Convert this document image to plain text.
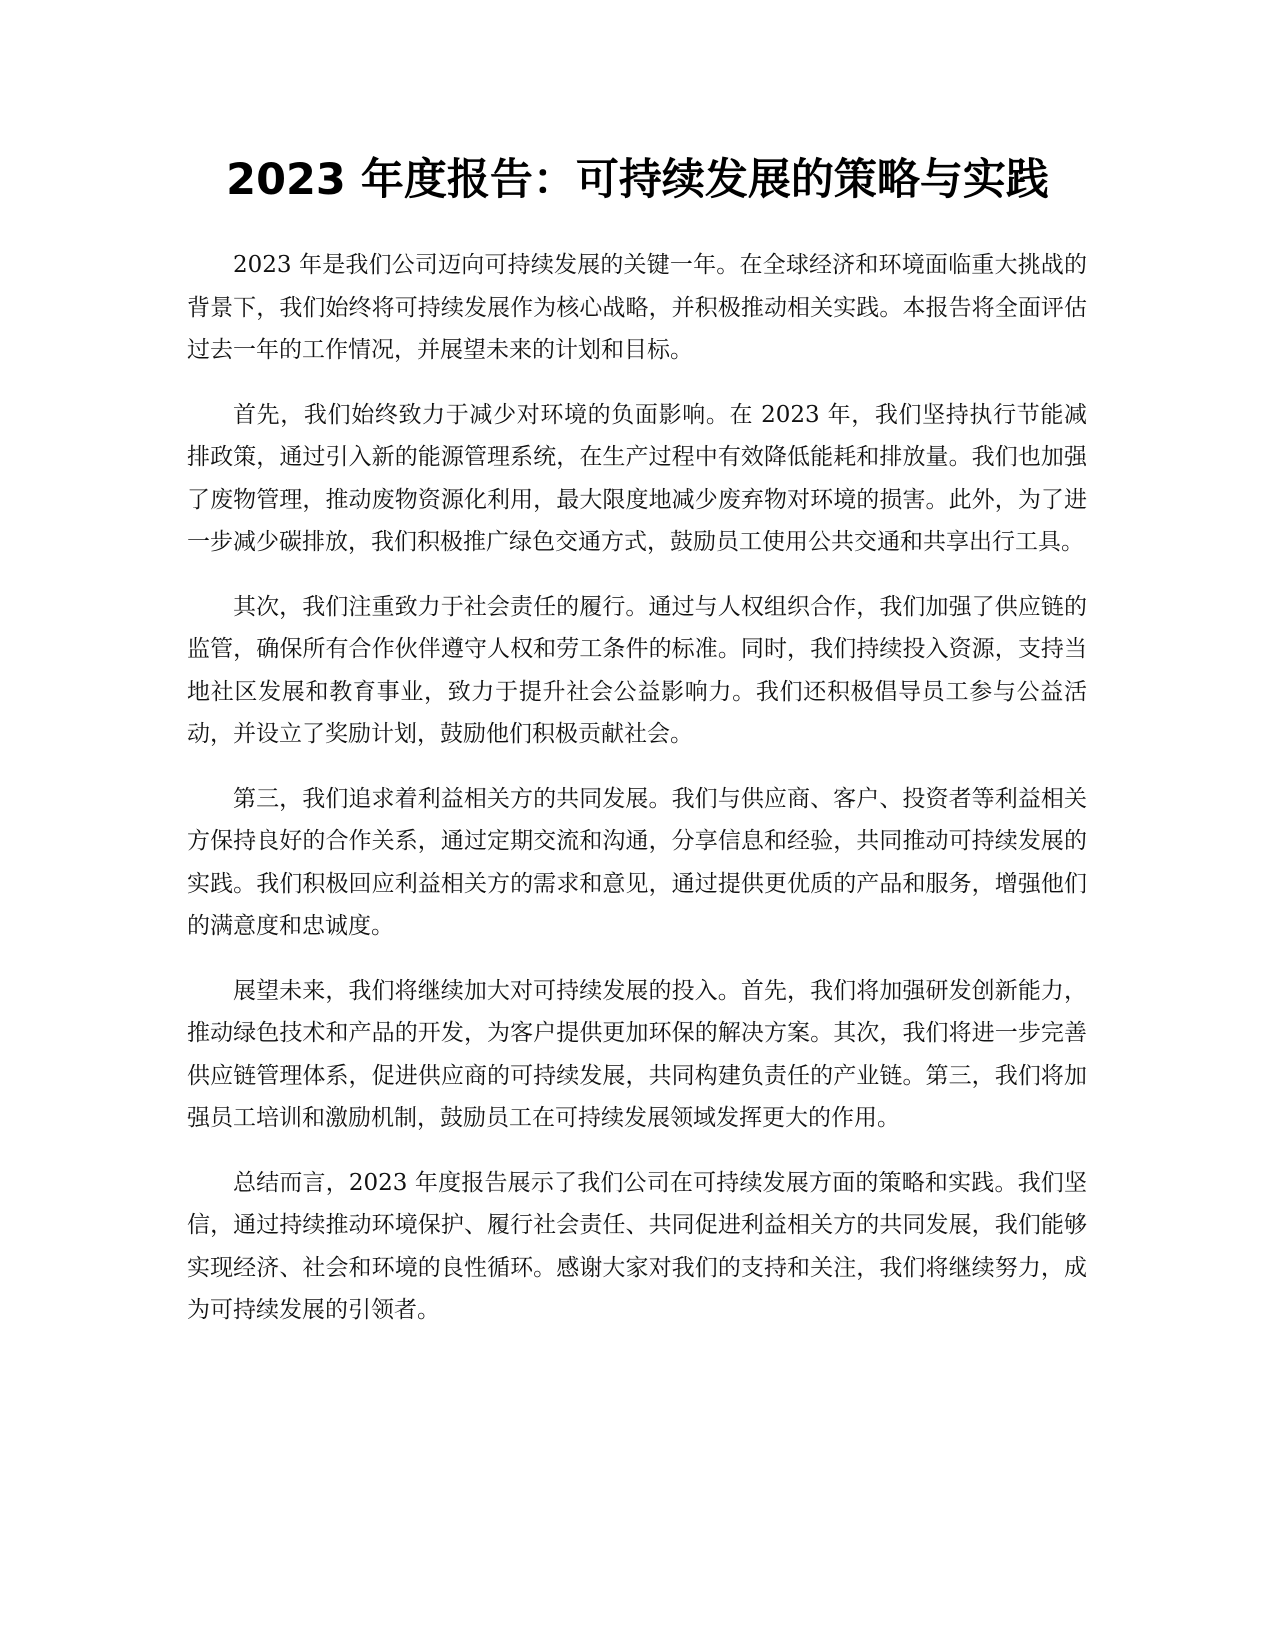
2023 年度报告：可持续发展的策略与实践

2023 年是我们公司迈向可持续发展的关键一年。在全球经济和环境面临重大挑战的背景下，我们始终将可持续发展作为核心战略，并积极推动相关实践。本报告将全面评估过去一年的工作情况，并展望未来的计划和目标。

首先，我们始终致力于减少对环境的负面影响。在 2023 年，我们坚持执行节能减排政策，通过引入新的能源管理系统，在生产过程中有效降低能耗和排放量。我们也加强了废物管理，推动废物资源化利用，最大限度地减少废弃物对环境的损害。此外，为了进一步减少碳排放，我们积极推广绿色交通方式，鼓励员工使用公共交通和共享出行工具。

其次，我们注重致力于社会责任的履行。通过与人权组织合作，我们加强了供应链的监管，确保所有合作伙伴遵守人权和劳工条件的标准。同时，我们持续投入资源，支持当地社区发展和教育事业，致力于提升社会公益影响力。我们还积极倡导员工参与公益活动，并设立了奖励计划，鼓励他们积极贡献社会。

第三，我们追求着利益相关方的共同发展。我们与供应商、客户、投资者等利益相关方保持良好的合作关系，通过定期交流和沟通，分享信息和经验，共同推动可持续发展的实践。我们积极回应利益相关方的需求和意见，通过提供更优质的产品和服务，增强他们的满意度和忠诚度。

展望未来，我们将继续加大对可持续发展的投入。首先，我们将加强研发创新能力，推动绿色技术和产品的开发，为客户提供更加环保的解决方案。其次，我们将进一步完善供应链管理体系，促进供应商的可持续发展，共同构建负责任的产业链。第三，我们将加强员工培训和激励机制，鼓励员工在可持续发展领域发挥更大的作用。

总结而言，2023 年度报告展示了我们公司在可持续发展方面的策略和实践。我们坚信，通过持续推动环境保护、履行社会责任、共同促进利益相关方的共同发展，我们能够实现经济、社会和环境的良性循环。感谢大家对我们的支持和关注，我们将继续努力，成为可持续发展的引领者。
